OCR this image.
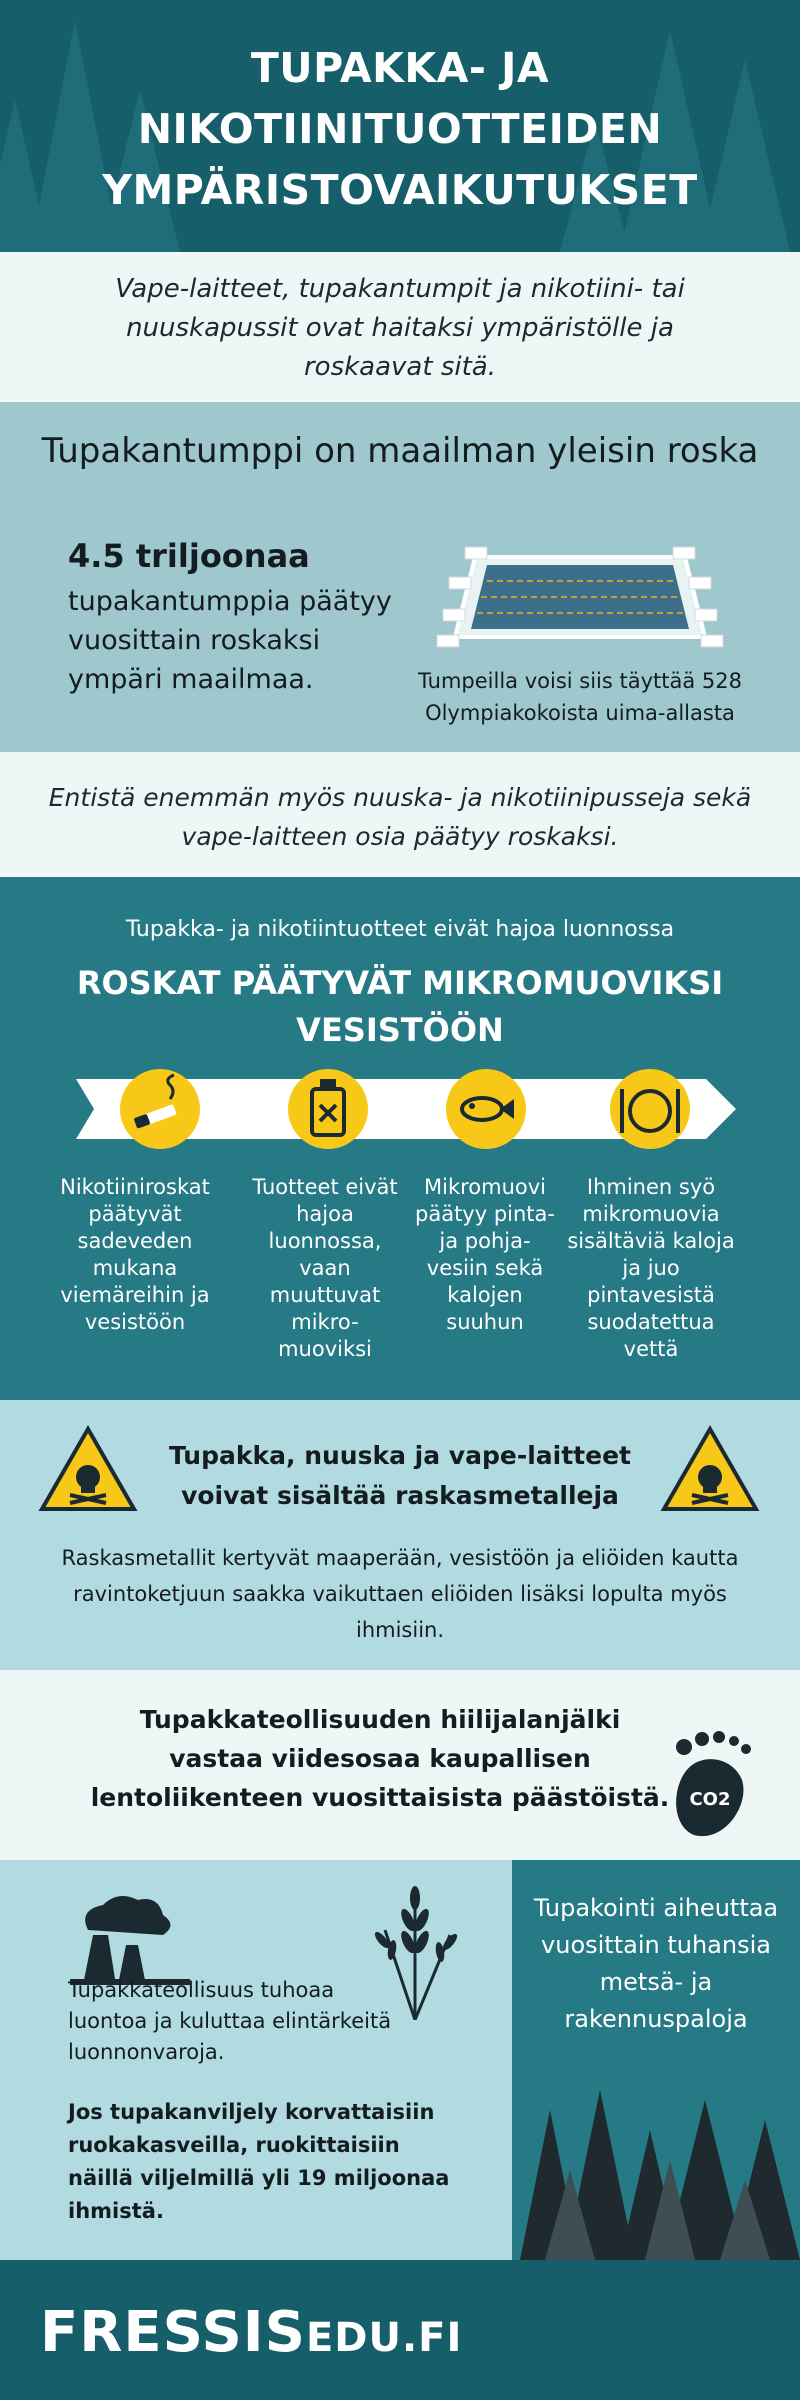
TUPAKKA- JA NIKOTIINITUOTTEIDEN YMPÄRISTOVAIKUTUKSET

Vape-laitteet, tupakantumpit ja nikotiini- tai nuuskapussit ovat haitaksi ympäristölle ja roskaavat sitä.

Tupakantumppi on maailman yleisin roska
4.5 triljoonaa
tupakantumppia päätyy vuosittain roskaksi ympäri maailmaa.	Tumpeilla voisi siis täyttää 528 Olympiakokoista uima-allasta

Entistä enemmän myös nuuska- ja nikotiinipusseja sekä vape-laitteen osia päätyy roskaksi.

Tupakka- ja nikotiintuotteet eivät hajoa luonnossa
ROSKAT PÄÄTYVÄT MIKROMUOVIKSI VESISTÖÖN
Nikotiiniroskat päätyvät sadeveden mukana viemäreihin ja vesistöön
Tuotteet eivät hajoa luonnossa, vaan muuttuvat mikro-muoviksi
Mikromuovi päätyy pinta- ja pohja-vesiin sekä kalojen suuhun
Ihminen syö mikromuovia sisältäviä kaloja ja juo pintavesistä suodatettua vettä
Tupakka, nuuska ja vape-laitteet voivat sisältää raskasmetalleja

Raskasmetallit kertyvät maaperään, vesistöön ja eliöiden kautta ravintoketjuun saakka vaikuttaen eliöiden lisäksi lopulta myös ihmisiin.

Tupakkateollisuuden hiilijalanjälki vastaa viidesosaa kaupallisen lentoliikenteen vuosittaisista päästöistä. CO2
Tupakkateollisuus tuhoaa luontoa ja kuluttaa elintärkeitä luonnonvaroja.
Jos tupakanviljely korvattaisiin ruokakasveilla, ruokittaisiin näillä viljelmillä yli 19 miljoonaa ihmistä.
Tupakointi aiheuttaa vuosittain tuhansia metsä- ja rakennuspaloja
FRESSISEDU.FI
